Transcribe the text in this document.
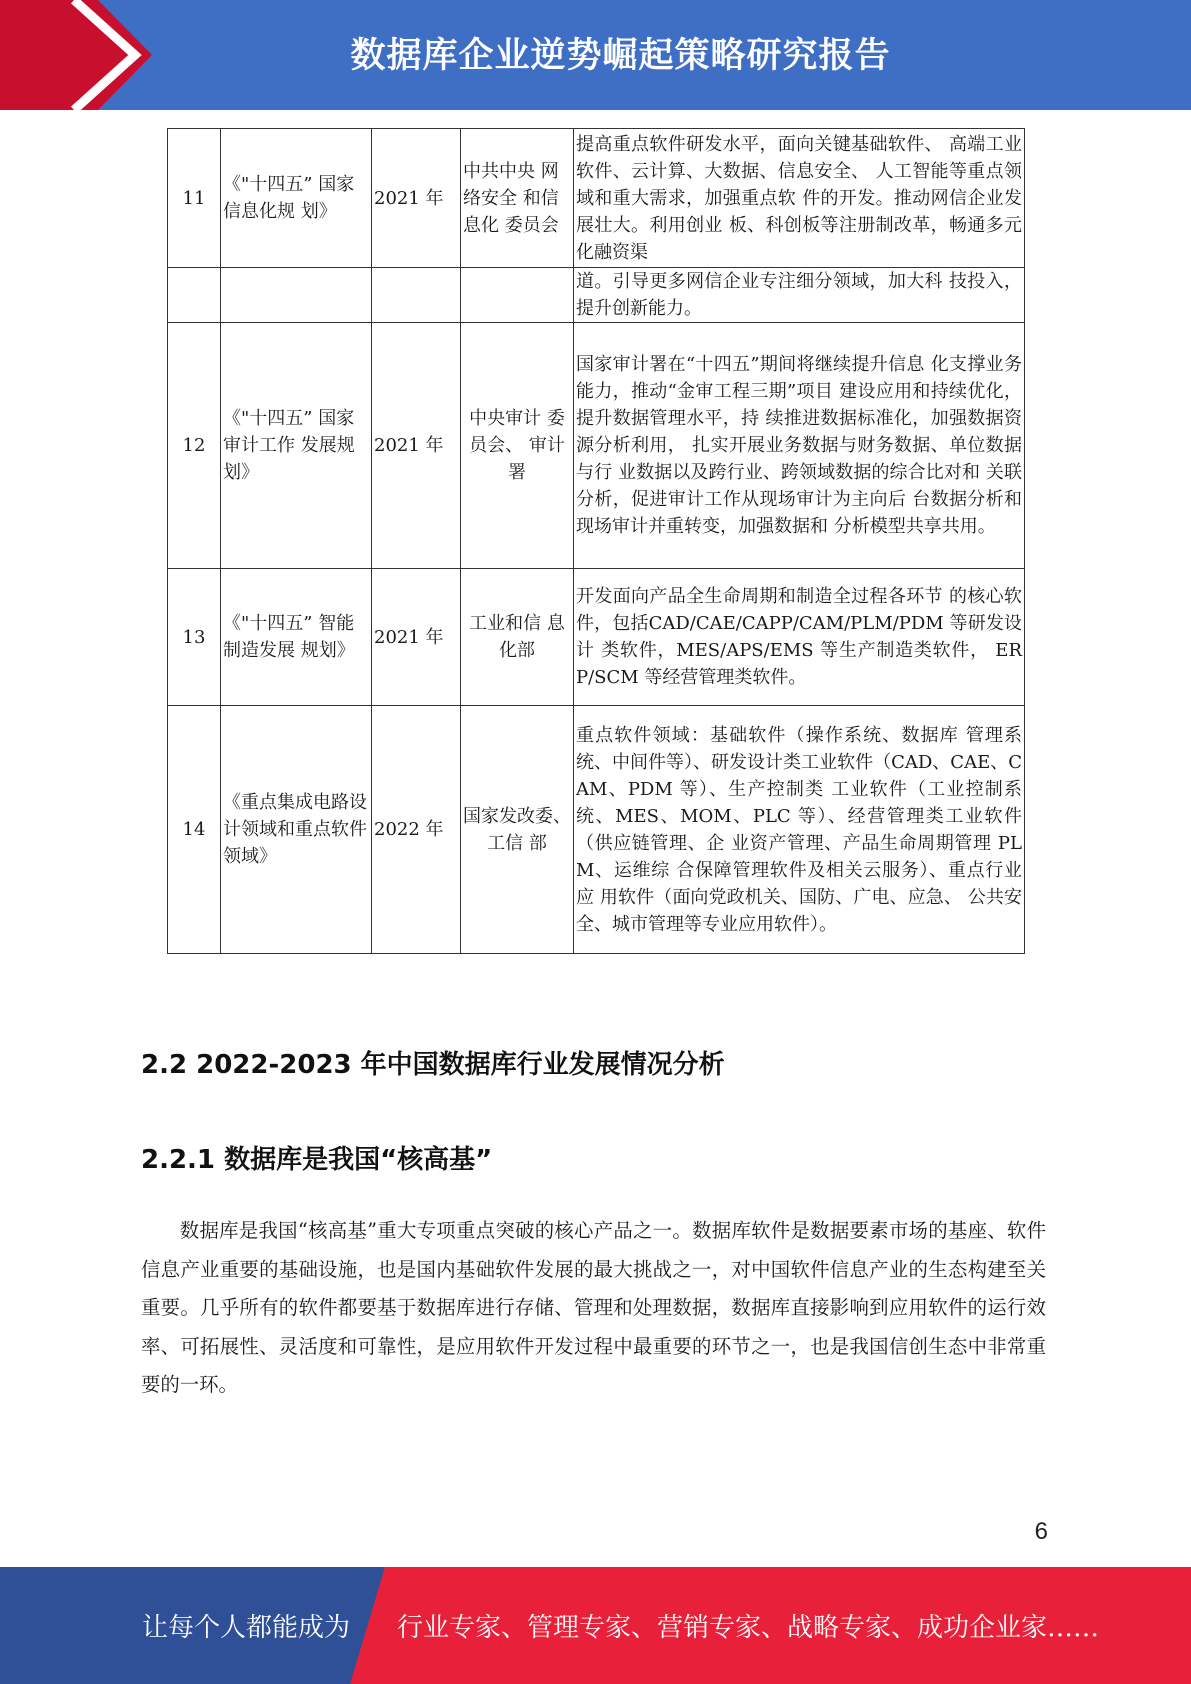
数据库企业逆势崛起策略研究报告
11	《"十四五” 国家信息化规 划》	2021 年	中共中央 网络安全 和信息化 委员会	提高重点软件研发水平，面向关键基础软件、 高端工业软件、云计算、大数据、信息安全、 人工智能等重点领域和重大需求，加强重点软 件的开发。推动网信企业发展壮大。利用创业 板、科创板等注册制改革，畅通多元化融资渠
				道。引导更多网信企业专注细分领域，加大科 技投入，提升创新能力。
12	《"十四五” 国家审计工作 发展规划》	2021 年	中央审计 委员会、 审计署	国家审计署在“十四五”期间将继续提升信息 化支撑业务能力，推动“金审工程三期”项目 建设应用和持续优化，提升数据管理水平，持 续推进数据标准化，加强数据资源分析利用， 扎实开展业务数据与财务数据、单位数据与行 业数据以及跨行业、跨领域数据的综合比对和 关联分析，促进审计工作从现场审计为主向后 台数据分析和现场审计并重转变，加强数据和 分析模型共享共用。
13	《"十四五” 智能制造发展 规划》	2021 年	工业和信 息化部	开发面向产品全生命周期和制造全过程各环节 的核心软件，包括CAD/CAE/CAPP/CAM/PLM/PDM 等研发设计 类软件，MES/APS/EMS 等生产制造类软件， ERP/SCM 等经营管理类软件。
14	《重点集成电路设计领域和重点软件领域》	2022 年	国家发改委、工信 部	重点软件领域：基础软件（操作系统、数据库 管理系统、中间件等）、研发设计类工业软件（CAD、CAE、CAM、PDM 等）、生产控制类 工业软件（工业控制系统、MES、MOM、PLC 等）、经营管理类工业软件（供应链管理、企 业资产管理、产品生命周期管理 PLM、运维综 合保障管理软件及相关云服务）、重点行业应 用软件（面向党政机关、国防、广电、应急、 公共安全、城市管理等专业应用软件）。
2.2 2022-2023 年中国数据库行业发展情况分析
2.2.1 数据库是我国“核高基”
数据库是我国“核高基”重大专项重点突破的核心产品之一。数据库软件是数据要素市场的基座、软件信息产业重要的基础设施，也是国内基础软件发展的最大挑战之一，对中国软件信息产业的生态构建至关重要。几乎所有的软件都要基于数据库进行存储、管理和处理数据，数据库直接影响到应用软件的运行效率、可拓展性、灵活度和可靠性，是应用软件开发过程中最重要的环节之一，也是我国信创生态中非常重要的一环。
6
让每个人都能成为 行业专家、管理专家、营销专家、战略专家、成功企业家……
